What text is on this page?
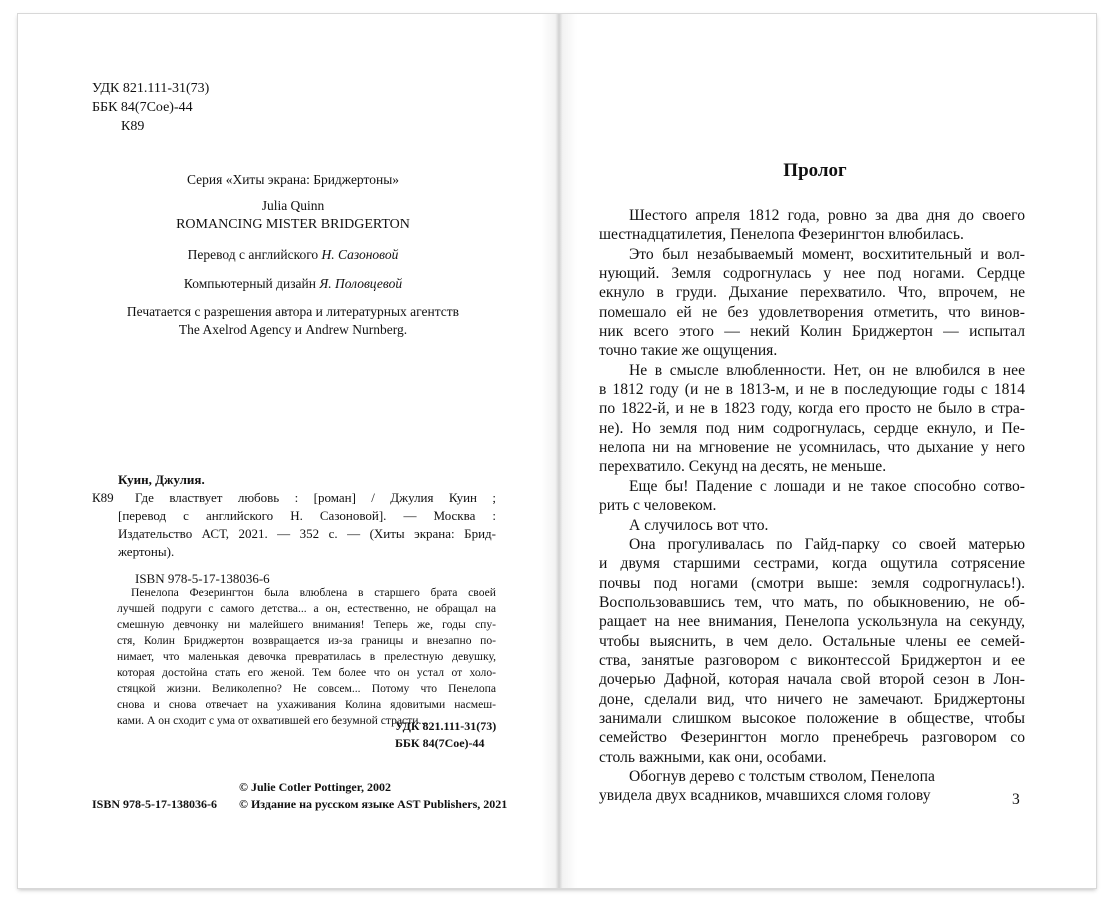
УДК 821.111-31(73)
ББК 84(7Сое)-44
К89
Серия «Хиты экрана: Бриджертоны»
Julia Quinn
ROMANCING MISTER BRIDGERTON
Перевод с английского Н. Сазоновой
Компьютерный дизайн Я. Половцевой
Печатается с разрешения автора и литературных агентств
The Axelrod Agency и Andrew Nurnberg.
Куин, Джулия.
К89 Где властвует любовь : [роман] / Джулия Куин ;
[перевод с английского Н. Сазоновой]. — Москва :
Издательство АСТ, 2021. — 352 с. — (Хиты экрана: Брид-
жертоны).
ISBN 978-5-17-138036-6
Пенелопа Фезерингтон была влюблена в старшего брата своей
лучшей подруги с самого детства... а он, естественно, не обращал на
смешную девчонку ни малейшего внимания! Теперь же, годы спу-
стя, Колин Бриджертон возвращается из-за границы и внезапно по-
нимает, что маленькая девочка превратилась в прелестную девушку,
которая достойна стать его женой. Тем более что он устал от холо-
стяцкой жизни. Великолепно? Не совсем... Потому что Пенелопа
снова и снова отвечает на ухаживания Колина ядовитыми насмеш-
ками. А он сходит с ума от охватившей его безумной страсти...
УДК 821.111-31(73)
ББК 84(7Сое)-44
© Julie Cotler Pottinger, 2002
ISBN 978-5-17-138036-6 © Издание на русском языке AST Publishers, 2021
Пролог
Шестого апреля 1812 года, ровно за два дня до своего
шестнадцатилетия, Пенелопа Фезерингтон влюбилась.
Это был незабываемый момент, восхитительный и вол-
нующий. Земля содрогнулась у нее под ногами. Сердце
екнуло в груди. Дыхание перехватило. Что, впрочем, не
помешало ей не без удовлетворения отметить, что винов-
ник всего этого — некий Колин Бриджертон — испытал
точно такие же ощущения.
Не в смысле влюбленности. Нет, он не влюбился в нее
в 1812 году (и не в 1813-м, и не в последующие годы с 1814
по 1822-й, и не в 1823 году, когда его просто не было в стра-
не). Но земля под ним содрогнулась, сердце екнуло, и Пе-
нелопа ни на мгновение не усомнилась, что дыхание у него
перехватило. Секунд на десять, не меньше.
Еще бы! Падение с лошади и не такое способно сотво-
рить с человеком.
А случилось вот что.
Она прогуливалась по Гайд-парку со своей матерью
и двумя старшими сестрами, когда ощутила сотрясение
почвы под ногами (смотри выше: земля содрогнулась!).
Воспользовавшись тем, что мать, по обыкновению, не об-
ращает на нее внимания, Пенелопа ускользнула на секунду,
чтобы выяснить, в чем дело. Остальные члены ее семей-
ства, занятые разговором с виконтессой Бриджертон и ее
дочерью Дафной, которая начала свой второй сезон в Лон-
доне, сделали вид, что ничего не замечают. Бриджертоны
занимали слишком высокое положение в обществе, чтобы
семейство Фезерингтон могло пренебречь разговором со
столь важными, как они, особами.
Обогнув дерево с толстым стволом, Пенелопа
увидела двух всадников, мчавшихся сломя голову	3
